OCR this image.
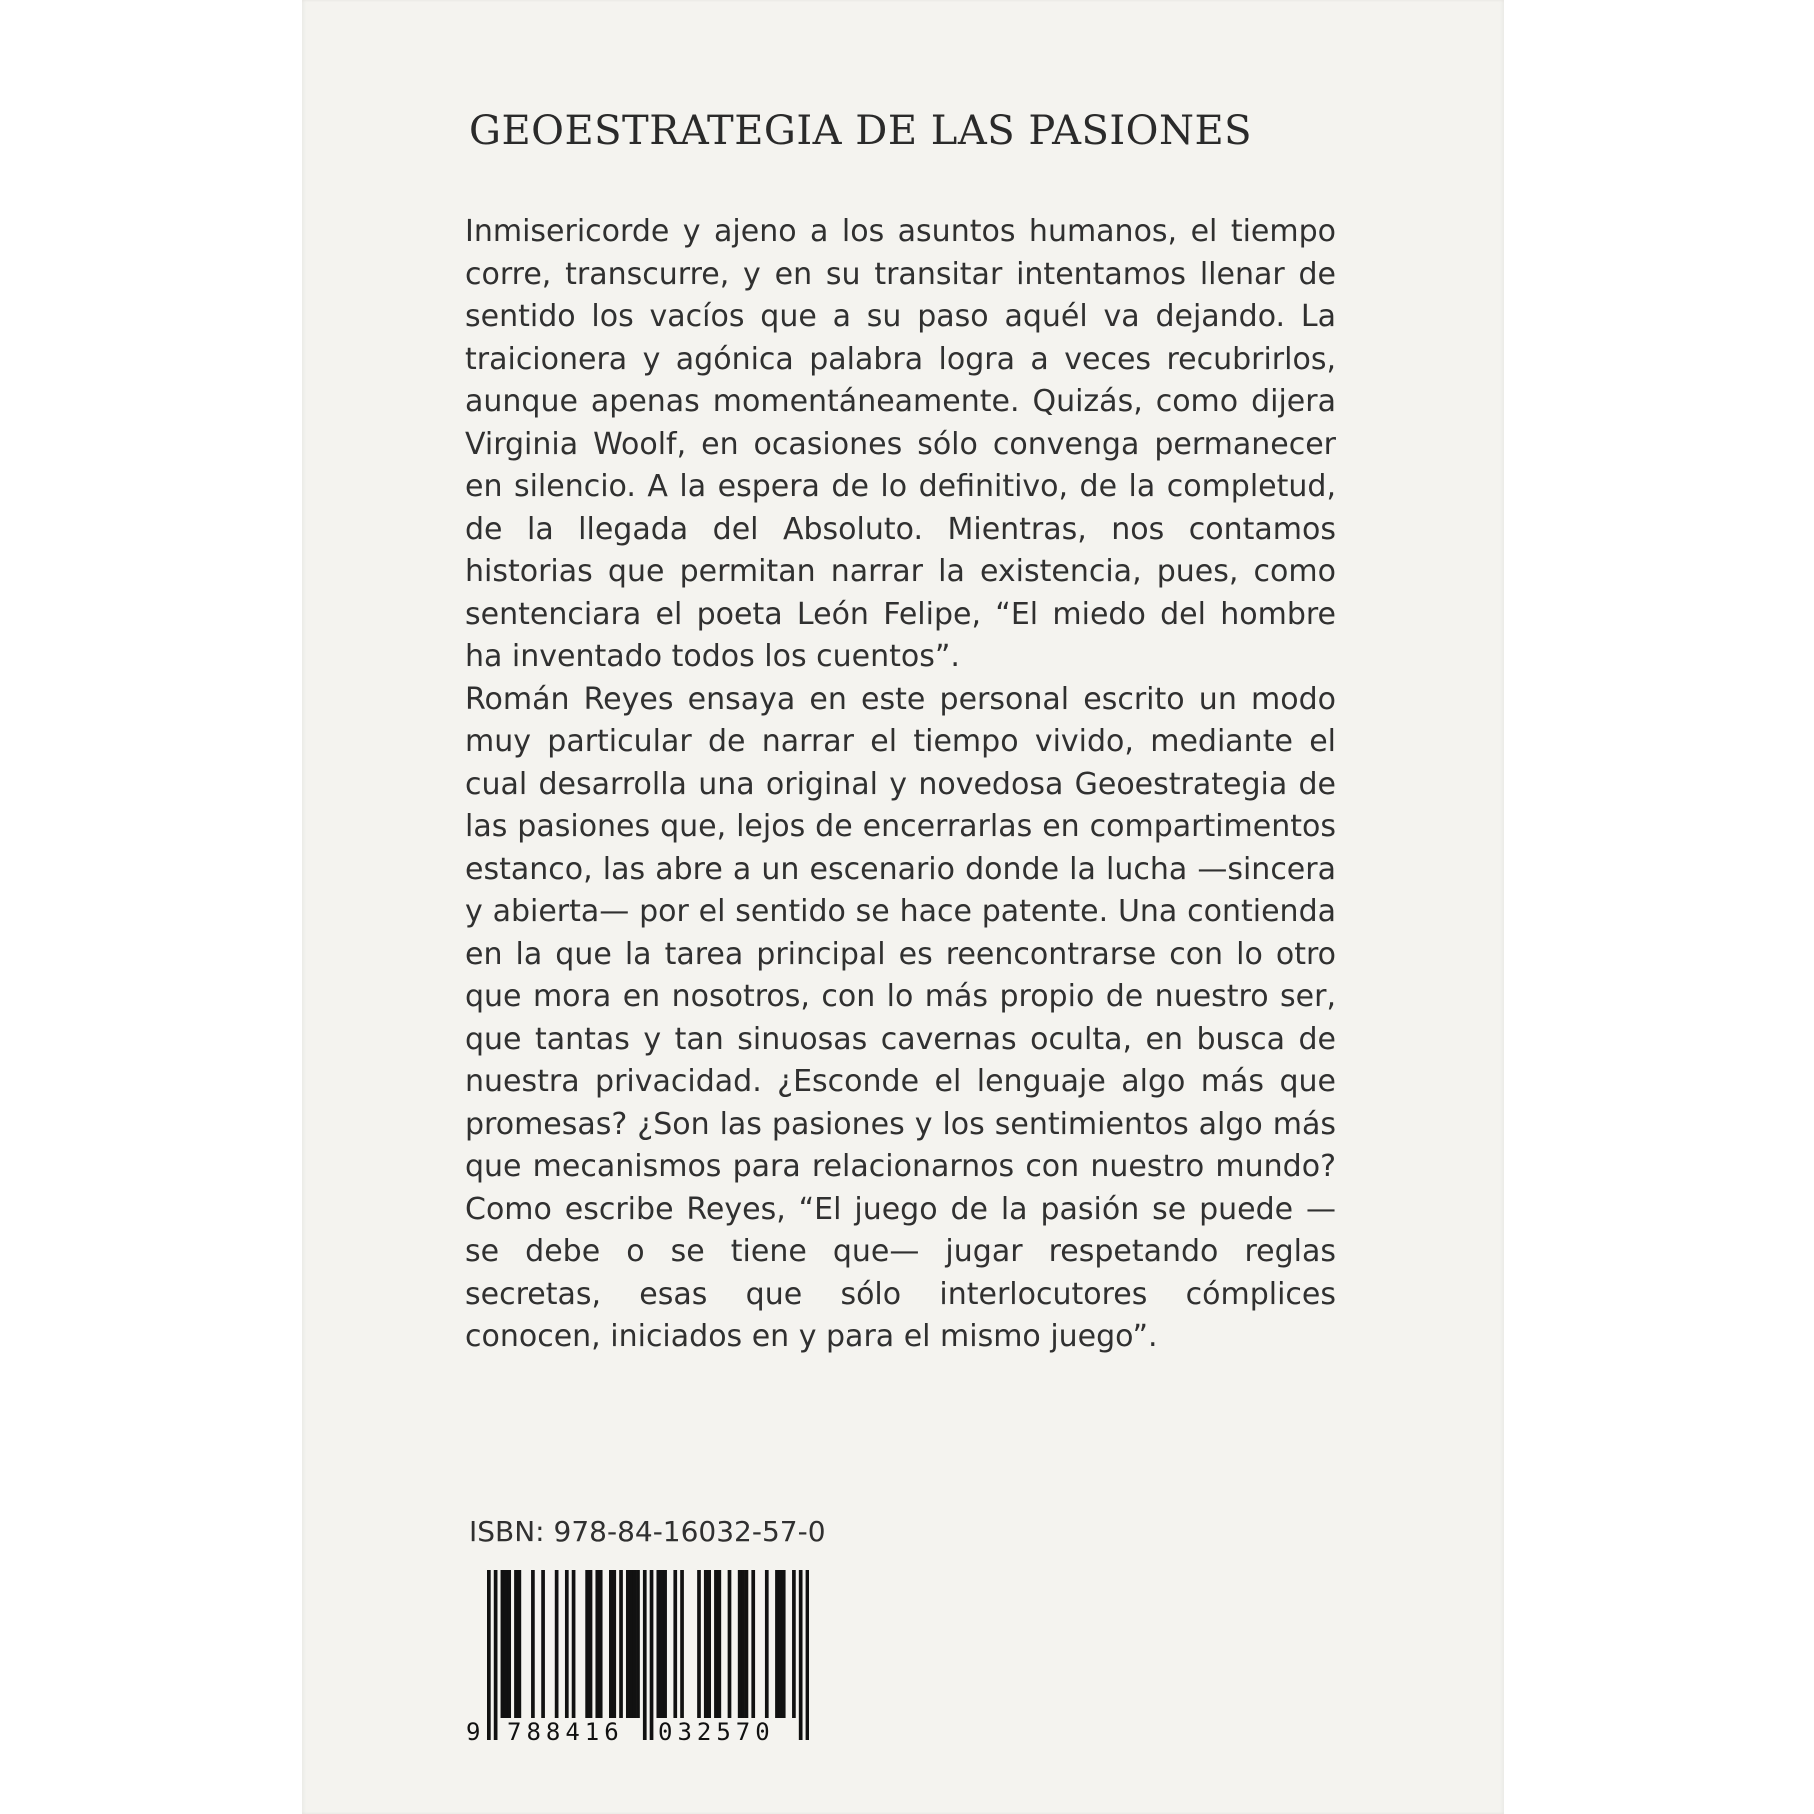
GEOESTRATEGIA DE LAS PASIONES

Inmisericorde y ajeno a los asuntos humanos, el tiempo corre, transcurre, y en su transitar intentamos llenar de sentido los vacíos que a su paso aquél va dejando. La traicionera y agónica palabra logra a veces recubrirlos, aunque apenas momentáneamente. Quizás, como dijera Virginia Woolf, en ocasiones sólo convenga permanecer en silencio. A la espera de lo definitivo, de la completud, de la llegada del Absoluto. Mientras, nos contamos historias que permitan narrar la existencia, pues, como sentenciara el poeta León Felipe, “El miedo del hombre ha inventado todos los cuentos”.

Román Reyes ensaya en este personal escrito un modo muy particular de narrar el tiempo vivido, mediante el cual desarrolla una original y novedosa Geoestrategia de las pasiones que, lejos de encerrarlas en compartimentos estanco, las abre a un escenario donde la lucha —sincera y abierta— por el sentido se hace patente. Una contienda en la que la tarea principal es reencontrarse con lo otro que mora en nosotros, con lo más propio de nuestro ser, que tantas y tan sinuosas cavernas oculta, en busca de nuestra privacidad. ¿Esconde el lenguaje algo más que promesas? ¿Son las pasiones y los sentimientos algo más que mecanismos para relacionarnos con nuestro mundo? Como escribe Reyes, “El juego de la pasión se puede —se debe o se tiene que— jugar respetando reglas secretas, esas que sólo interlocutores cómplices conocen, iniciados en y para el mismo juego”.

ISBN: 978-84-16032-57-0
9 788416 032570
